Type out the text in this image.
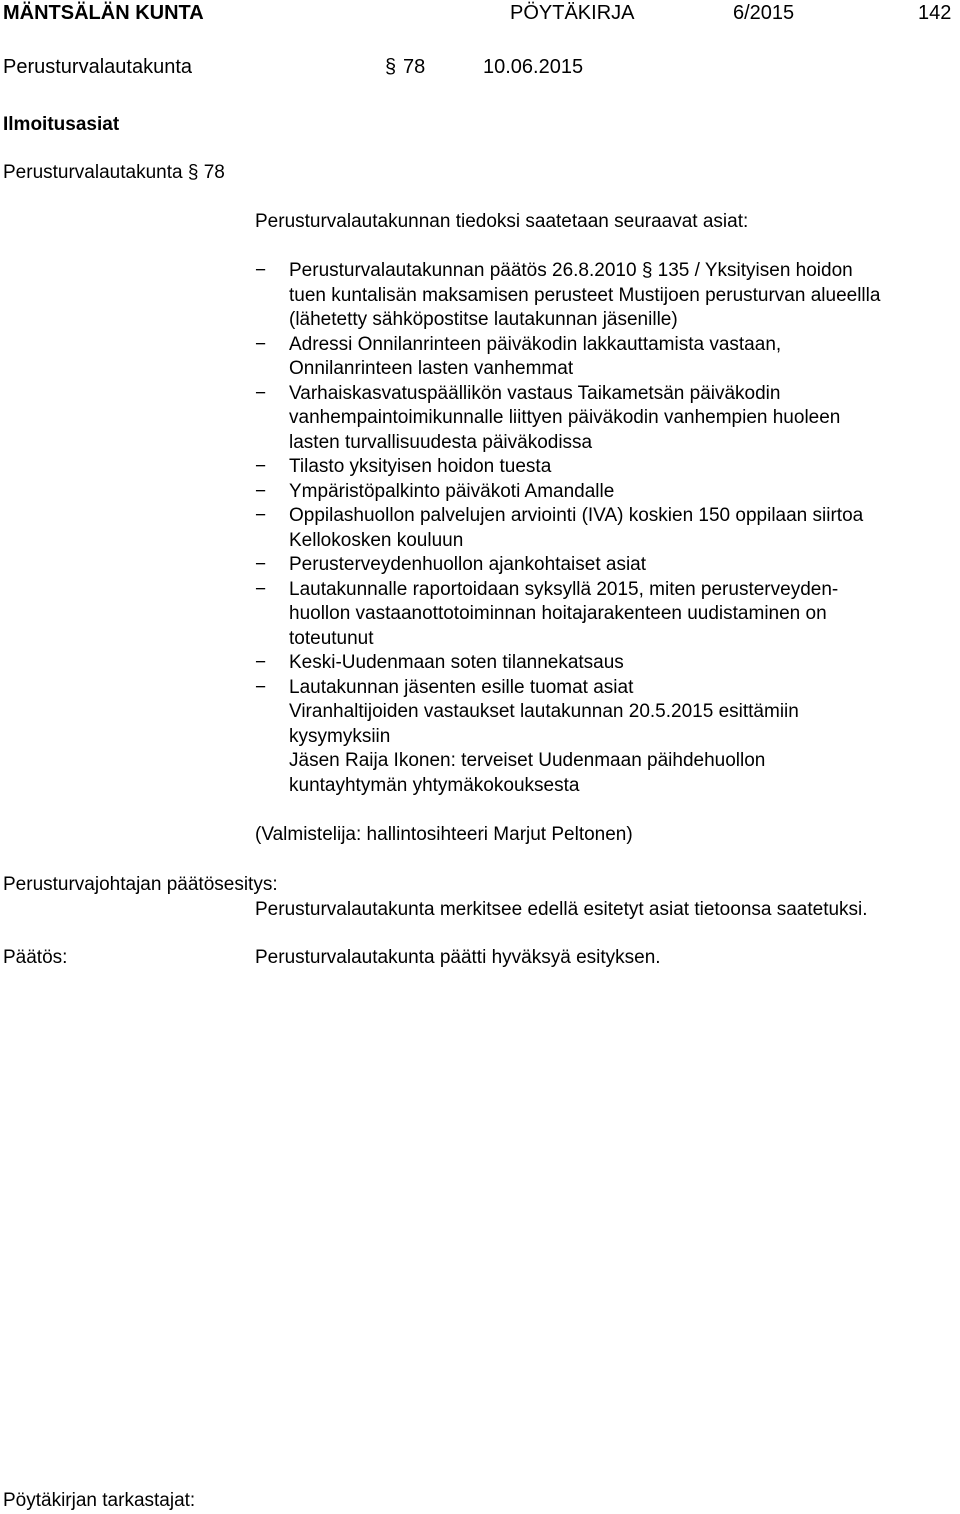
MÄNTSÄLÄN KUNTA	PÖYTÄKIRJA	6/2015	142
Perusturvalautakunta	§ 78	10.06.2015
Ilmoitusasiat
Perusturvalautakunta § 78
Perusturvalautakunnan tiedoksi saatetaan seuraavat asiat:
− Perusturvalautakunnan päätös 26.8.2010 § 135 / Yksityisen hoidon
tuen kuntalisän maksamisen perusteet Mustijoen perusturvan alueellla
(lähetetty sähköpostitse lautakunnan jäsenille)
− Adressi Onnilanrinteen päiväkodin lakkauttamista vastaan,
Onnilanrinteen lasten vanhemmat
− Varhaiskasvatuspäällikön vastaus Taikametsän päiväkodin
vanhempaintoimikunnalle liittyen päiväkodin vanhempien huoleen
lasten turvallisuudesta päiväkodissa
− Tilasto yksityisen hoidon tuesta
− Ympäristöpalkinto päiväkoti Amandalle
− Oppilashuollon palvelujen arviointi (IVA) koskien 150 oppilaan siirtoa
Kellokosken kouluun
− Perusterveydenhuollon ajankohtaiset asiat
− Lautakunnalle raportoidaan syksyllä 2015, miten perusterveyden-
huollon vastaanottotoiminnan hoitajarakenteen uudistaminen on
toteutunut
− Keski-Uudenmaan soten tilannekatsaus
− Lautakunnan jäsenten esille tuomat asiat
Viranhaltijoiden vastaukset lautakunnan 20.5.2015 esittämiin
kysymyksiin
Jäsen Raija Ikonen: terveiset Uudenmaan päihdehuollon
kuntayhtymän yhtymäkokouksesta
(Valmistelija: hallintosihteeri Marjut Peltonen)
Perusturvajohtajan päätösesitys:
Perusturvalautakunta merkitsee edellä esitetyt asiat tietoonsa saatetuksi.
Päätös:	Perusturvalautakunta päätti hyväksyä esityksen.
Pöytäkirjan tarkastajat:
